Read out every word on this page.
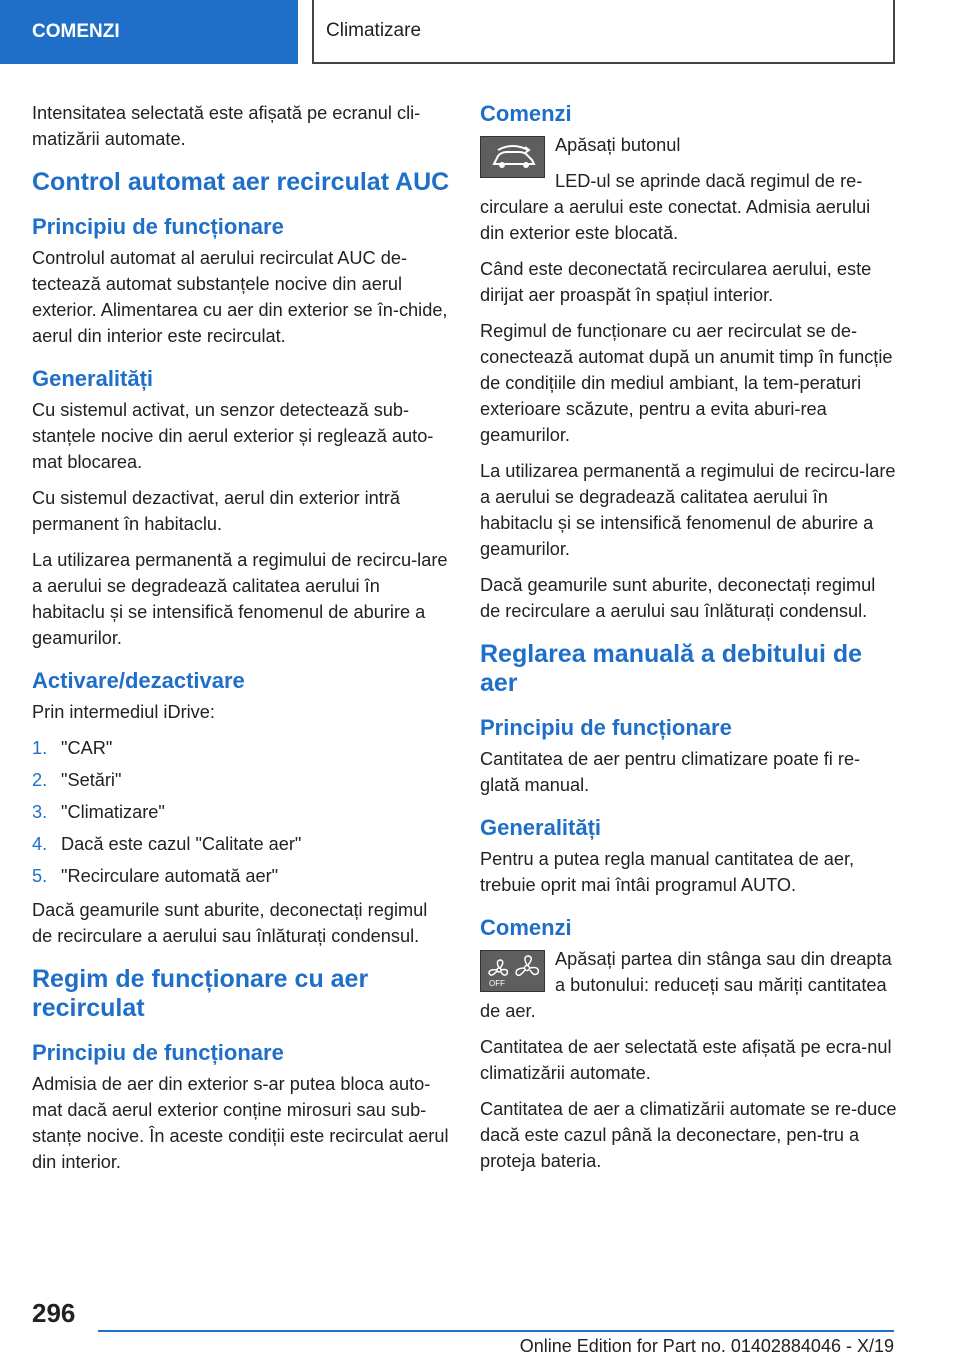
COMENZI	Climatizare

Intensitatea selectată este afișată pe ecranul cli-matizării automate.

Control automat aer recirculat AUC
Principiu de funcționare

Controlul automat al aerului recirculat AUC de-tectează automat substanțele nocive din aerul exterior. Alimentarea cu aer din exterior se în-chide, aerul din interior este recirculat.

Generalități

Cu sistemul activat, un senzor detectează sub-stanțele nocive din aerul exterior și reglează auto-mat blocarea.

Cu sistemul dezactivat, aerul din exterior intră permanent în habitaclu.

La utilizarea permanentă a regimului de recircu-lare a aerului se degradează calitatea aerului în habitaclu și se intensifică fenomenul de aburire a geamurilor.

Activare/dezactivare

Prin intermediul iDrive:

1. "CAR"
2. "Setări"
3. "Climatizare"
4. Dacă este cazul "Calitate aer"
5. "Recirculare automată aer"

Dacă geamurile sunt aburite, deconectați regimul de recirculare a aerului sau înlăturați condensul.

Regim de funcționare cu aer recirculat
Principiu de funcționare

Admisia de aer din exterior s-ar putea bloca auto-mat dacă aerul exterior conține mirosuri sau sub-stanțe nocive. În aceste condiții este recirculat aerul din interior.

Comenzi

Apăsați butonul

LED-ul se aprinde dacă regimul de re-circulare a aerului este conectat. Admisia aerului din exterior este blocată.

Când este deconectată recircularea aerului, este dirijat aer proaspăt în spațiul interior.

Regimul de funcționare cu aer recirculat se de-conectează automat după un anumit timp în funcție de condițiile din mediul ambiant, la tem-peraturi exterioare scăzute, pentru a evita aburi-rea geamurilor.

La utilizarea permanentă a regimului de recircu-lare a aerului se degradează calitatea aerului în habitaclu și se intensifică fenomenul de aburire a geamurilor.

Dacă geamurile sunt aburite, deconectați regimul de recirculare a aerului sau înlăturați condensul.

Reglarea manuală a debitului de aer
Principiu de funcționare

Cantitatea de aer pentru climatizare poate fi re-glată manual.

Generalități

Pentru a putea regla manual cantitatea de aer, trebuie oprit mai întâi programul AUTO.

Comenzi
OFF

Apăsați partea din stânga sau din dreapta a butonului: reduceți sau măriți cantitatea de aer.

Cantitatea de aer selectată este afișată pe ecra-nul climatizării automate.

Cantitatea de aer a climatizării automate se re-duce dacă este cazul până la deconectare, pen-tru a proteja bateria.

296
Online Edition for Part no. 01402884046 - X/19
